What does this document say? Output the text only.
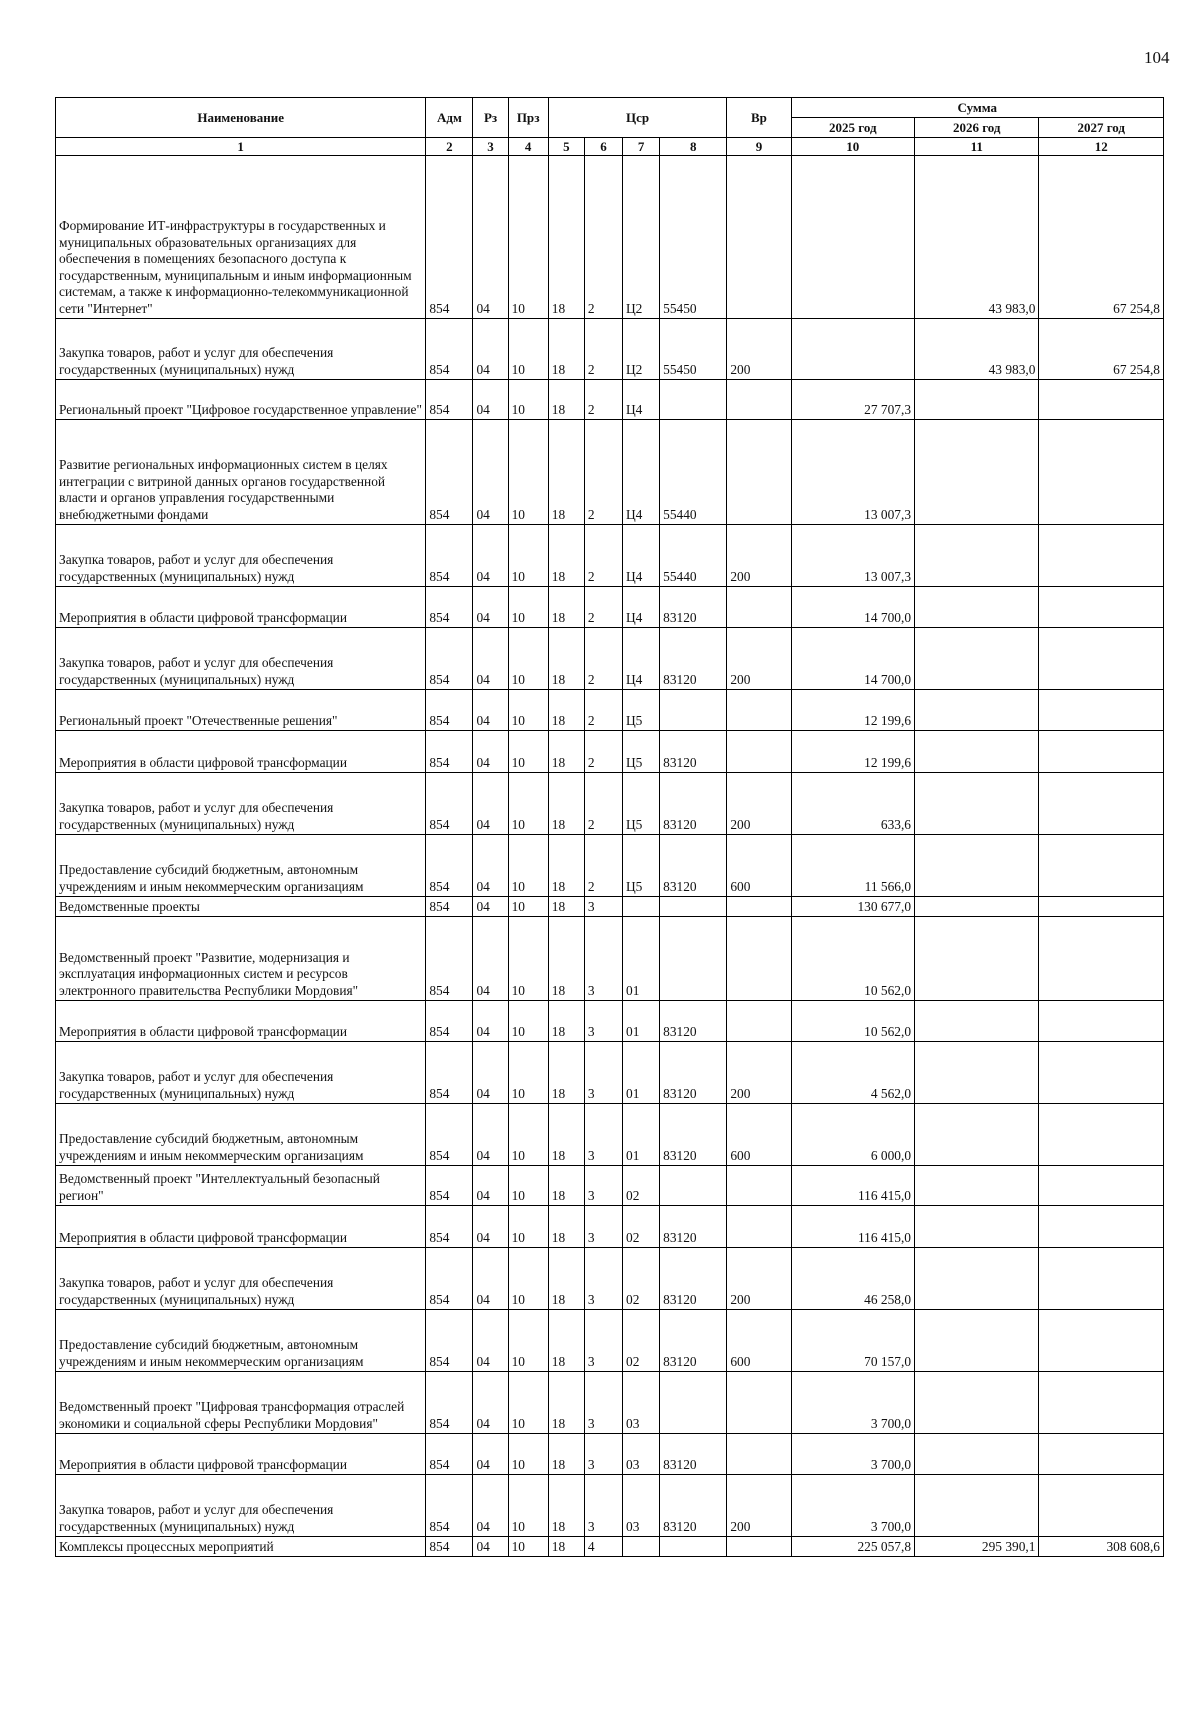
104
Наименование	Адм	Рз	Прз	Цср				Вр	Сумма		
									2025 год	2026 год	2027 год
1	2	3	4	5	6	7	8	9	10	11	12
Формирование ИТ-инфраструктуры в государственных и муниципальных образовательных организациях для обеспечения в помещениях безопасного доступа к государственным, муниципальным и иным информационным системам, а также к информационно-телекоммуникационной сети "Интернет"	854	04	10	18	2	Ц2	55450			43 983,0	67 254,8
Закупка товаров, работ и услуг для обеспечения государственных (муниципальных) нужд	854	04	10	18	2	Ц2	55450	200		43 983,0	67 254,8
Региональный проект "Цифровое государственное управление"	854	04	10	18	2	Ц4			27 707,3		
Развитие региональных информационных систем в целях интеграции с витриной данных органов государственной власти и органов управления государственными внебюджетными фондами	854	04	10	18	2	Ц4	55440		13 007,3		
Закупка товаров, работ и услуг для обеспечения государственных (муниципальных) нужд	854	04	10	18	2	Ц4	55440	200	13 007,3		
Мероприятия в области цифровой трансформации	854	04	10	18	2	Ц4	83120		14 700,0		
Закупка товаров, работ и услуг для обеспечения государственных (муниципальных) нужд	854	04	10	18	2	Ц4	83120	200	14 700,0		
Региональный проект "Отечественные решения"	854	04	10	18	2	Ц5			12 199,6		
Мероприятия в области цифровой трансформации	854	04	10	18	2	Ц5	83120		12 199,6		
Закупка товаров, работ и услуг для обеспечения государственных (муниципальных) нужд	854	04	10	18	2	Ц5	83120	200	633,6		
Предоставление субсидий бюджетным, автономным учреждениям и иным некоммерческим организациям	854	04	10	18	2	Ц5	83120	600	11 566,0		
Ведомственные проекты	854	04	10	18	3				130 677,0		
Ведомственный проект "Развитие, модернизация и эксплуатация информационных систем и ресурсов электронного правительства Республики Мордовия"	854	04	10	18	3	01			10 562,0		
Мероприятия в области цифровой трансформации	854	04	10	18	3	01	83120		10 562,0		
Закупка товаров, работ и услуг для обеспечения государственных (муниципальных) нужд	854	04	10	18	3	01	83120	200	4 562,0		
Предоставление субсидий бюджетным, автономным учреждениям и иным некоммерческим организациям	854	04	10	18	3	01	83120	600	6 000,0		
Ведомственный проект "Интеллектуальный безопасный регион"	854	04	10	18	3	02			116 415,0		
Мероприятия в области цифровой трансформации	854	04	10	18	3	02	83120		116 415,0		
Закупка товаров, работ и услуг для обеспечения государственных (муниципальных) нужд	854	04	10	18	3	02	83120	200	46 258,0		
Предоставление субсидий бюджетным, автономным учреждениям и иным некоммерческим организациям	854	04	10	18	3	02	83120	600	70 157,0		
Ведомственный проект "Цифровая трансформация отраслей экономики и социальной сферы Республики Мордовия"	854	04	10	18	3	03			3 700,0		
Мероприятия в области цифровой трансформации	854	04	10	18	3	03	83120		3 700,0		
Закупка товаров, работ и услуг для обеспечения государственных (муниципальных) нужд	854	04	10	18	3	03	83120	200	3 700,0		
Комплексы процессных мероприятий	854	04	10	18	4				225 057,8	295 390,1	308 608,6
